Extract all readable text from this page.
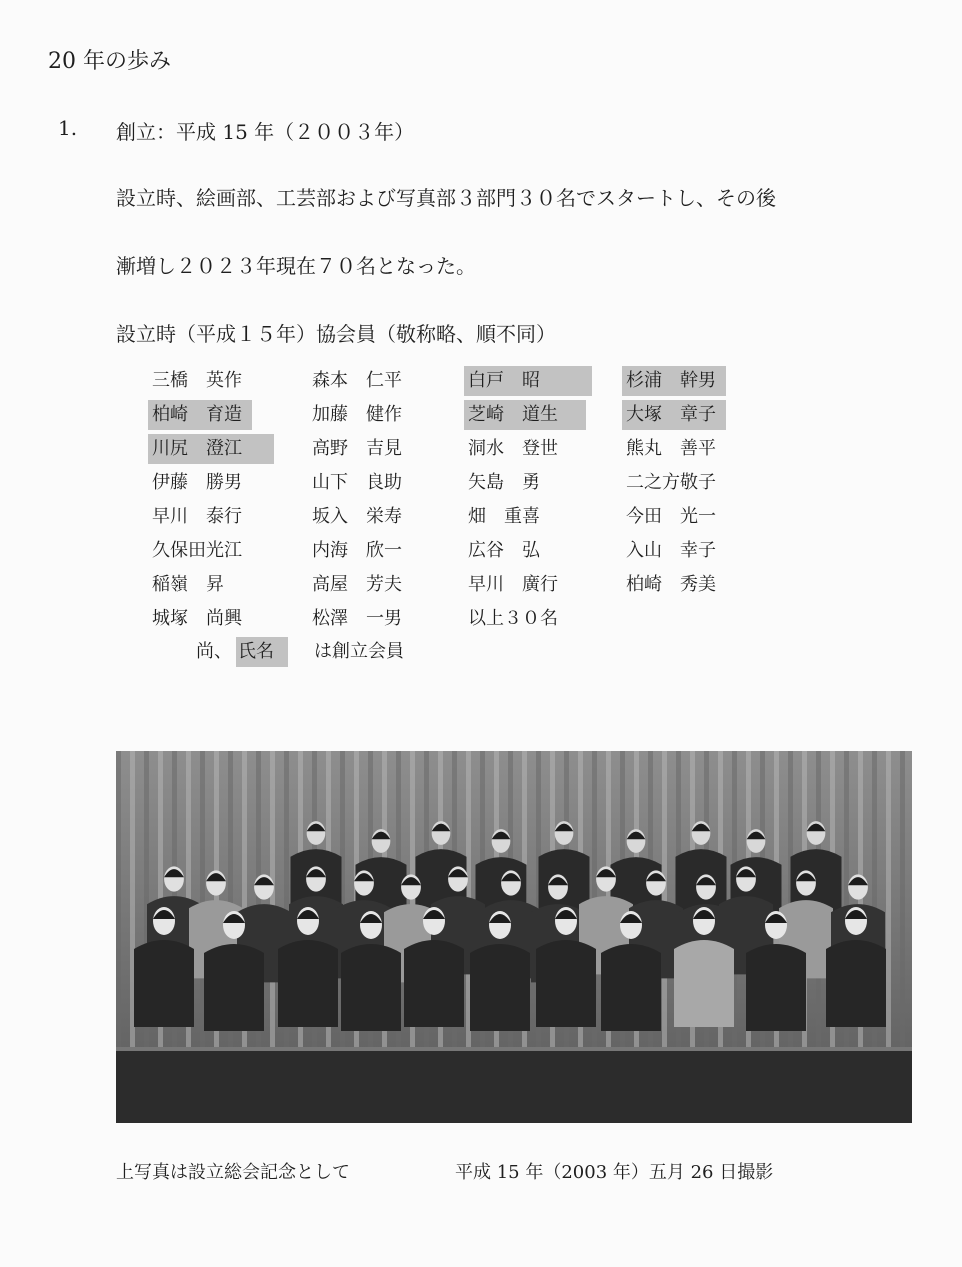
20 年の歩み
1. 創立：平成 15 年（２００３年）
設立時、絵画部、工芸部および写真部３部門３０名でスタートし、その後
漸増し２０２３年現在７０名となった。
設立時（平成１５年）協会員（敬称略、順不同）
三橋　英作	森本　仁平	白戸　昭	杉浦　幹男
柏崎　育造	加藤　健作	芝崎　道生	大塚　章子
川尻　澄江	高野　吉見	洞水　登世	熊丸　善平
伊藤　勝男	山下　良助	矢島　勇	二之方敬子
早川　泰行	坂入　栄寿	畑　重喜	今田　光一
久保田光江	内海　欣一	広谷　弘	入山　幸子
稲嶺　昇	高屋　芳夫	早川　廣行	柏崎　秀美
城塚　尚興	松澤　一男	以上３０名
尚、 氏名	は創立会員
上写真は設立総会記念として	平成 15 年（2003 年）五月 26 日撮影
